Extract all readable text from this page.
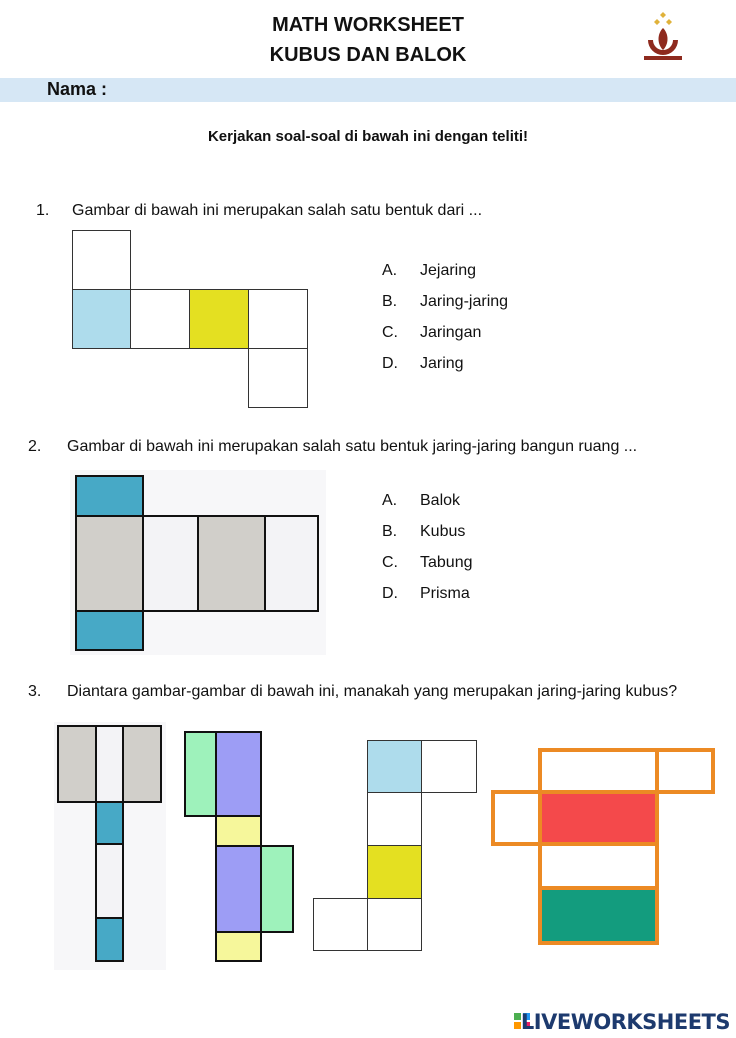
MATH WORKSHEET
KUBUS DAN BALOK
Nama :
Kerjakan soal-soal di bawah ini dengan teliti!
1. Gambar di bawah ini merupakan salah satu bentuk dari ...
A. Jejaring
B. Jaring-jaring
C. Jaringan
D. Jaring
2. Gambar di bawah ini merupakan salah satu bentuk jaring-jaring bangun ruang ...
A. Balok
B. Kubus
C. Tabung
D. Prisma
3. Diantara gambar-gambar di bawah ini, manakah yang merupakan jaring-jaring kubus?
LIVEWORKSHEETS
